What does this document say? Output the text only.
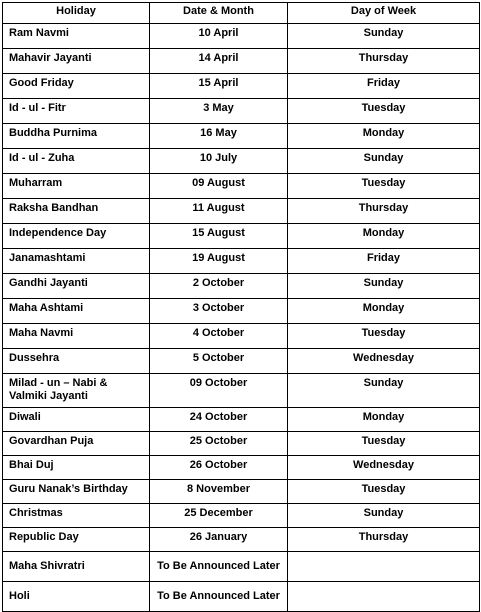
Holiday	Date & Month	Day of Week
Ram Navmi	10 April	Sunday
Mahavir Jayanti	14 April	Thursday
Good Friday	15 April	Friday
Id - ul - Fitr	3 May	Tuesday
Buddha Purnima	16 May	Monday
Id - ul - Zuha	10 July	Sunday
Muharram	09 August	Tuesday
Raksha Bandhan	11 August	Thursday
Independence Day	15 August	Monday
Janamashtami	19 August	Friday
Gandhi Jayanti	2 October	Sunday
Maha Ashtami	3 October	Monday
Maha Navmi	4 October	Tuesday
Dussehra	5 October	Wednesday
Milad - un – Nabi & Valmiki Jayanti	09 October	Sunday
Diwali	24 October	Monday
Govardhan Puja	25 October	Tuesday
Bhai Duj	26 October	Wednesday
Guru Nanak’s Birthday	8 November	Tuesday
Christmas	25 December	Sunday
Republic Day	26 January	Thursday
Maha Shivratri	To Be Announced Later	
Holi	To Be Announced Later	
